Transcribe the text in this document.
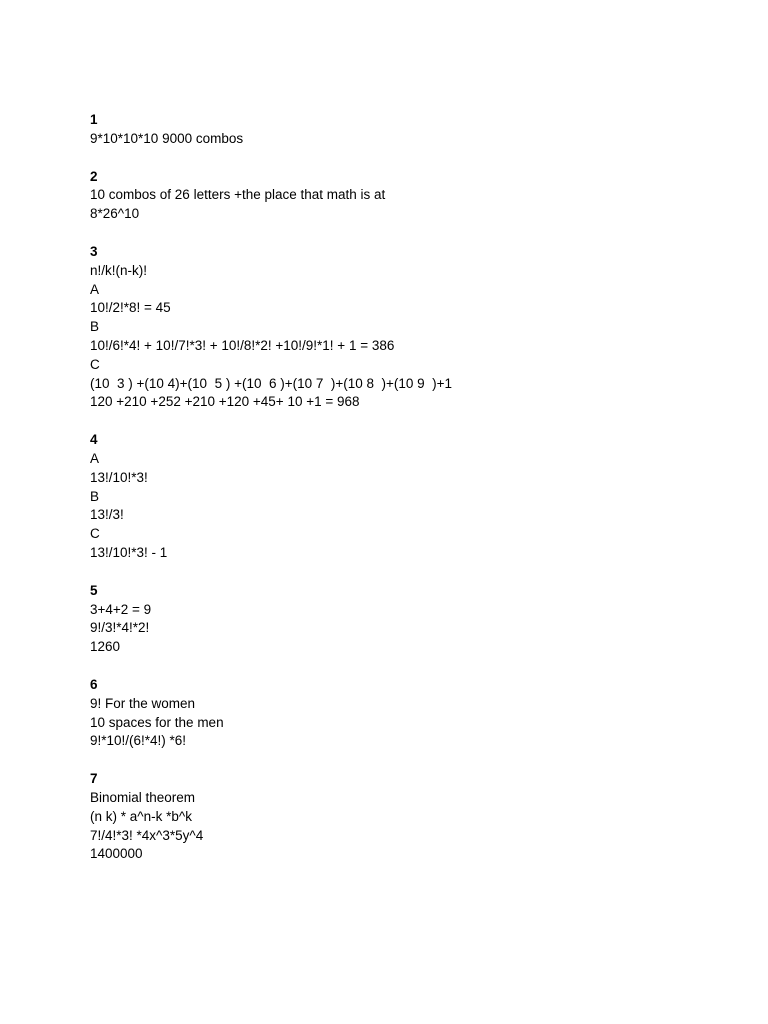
1
9*10*10*10 9000 combos
2
10 combos of 26 letters +the place that math is at
8*26^10
3
n!/k!(n-k)!
A
10!/2!*8! = 45
B
10!/6!*4! + 10!/7!*3! + 10!/8!*2! +10!/9!*1! + 1 = 386
C
(10  3 ) +(10 4)+(10  5 ) +(10  6 )+(10 7  )+(10 8  )+(10 9  )+1
120 +210 +252 +210 +120 +45+ 10 +1 = 968
4
A
13!/10!*3!
B
13!/3!
C
13!/10!*3! - 1
5
3+4+2 = 9
9!/3!*4!*2!
1260
6
9! For the women
10 spaces for the men
9!*10!/(6!*4!) *6!
7
Binomial theorem
(n k) * a^n-k *b^k
7!/4!*3! *4x^3*5y^4
1400000
